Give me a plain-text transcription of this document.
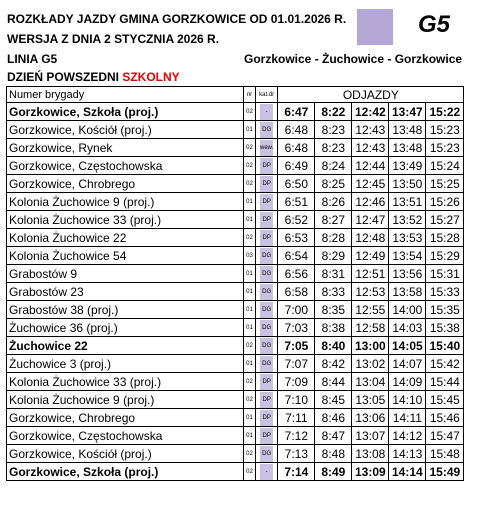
ROZKŁADY JAZDY GMINA GORZKOWICE OD 01.01.2026 R.
WERSJA Z DNIA 2 STYCZNIA 2026 R.
LINIA G5
DZIEŃ POWSZEDNI SZKOLNY
G5
Gorzkowice - Żuchowice - Gorzkowice
Numer brygady	nr	kat.dr	ODJAZDY				
Gorzkowice, Szkoła (proj.)	02	-	6:47	8:22	12:42	13:47	15:22
Gorzkowice, Kościół (proj.)	01	DG	6:48	8:23	12:43	13:48	15:23
Gorzkowice, Rynek	02	wew.	6:48	8:23	12:43	13:48	15:23
Gorzkowice, Częstochowska	02	DP	6:49	8:24	12:44	13:49	15:24
Gorzkowice, Chrobrego	02	DP	6:50	8:25	12:45	13:50	15:25
Kolonia Żuchowice 9 (proj.)	01	DP	6:51	8:26	12:46	13:51	15:26
Kolonia Żuchowice 33 (proj.)	01	DP	6:52	8:27	12:47	13:52	15:27
Kolonia Żuchowice 22	02	DP	6:53	8:28	12:48	13:53	15:28
Kolonia Żuchowice 54	03	DG	6:54	8:29	12:49	13:54	15:29
Grabostów 9	01	DG	6:56	8:31	12:51	13:56	15:31
Grabostów 23	01	DG	6:58	8:33	12:53	13:58	15:33
Grabostów 38 (proj.)	01	DG	7:00	8:35	12:55	14:00	15:35
Żuchowice 36 (proj.)	01	DG	7:03	8:38	12:58	14:03	15:38
Żuchowice 22	02	DG	7:05	8:40	13:00	14:05	15:40
Żuchowice 3 (proj.)	01	DG	7:07	8:42	13:02	14:07	15:42
Kolonia Żuchowice 33 (proj.)	02	DP	7:09	8:44	13:04	14:09	15:44
Kolonia Żuchowice 9 (proj.)	02	DP	7:10	8:45	13:05	14:10	15:45
Gorzkowice, Chrobrego	01	DP	7:11	8:46	13:06	14:11	15:46
Gorzkowice, Częstochowska	01	DP	7:12	8:47	13:07	14:12	15:47
Gorzkowice, Kościół (proj.)	02	DG	7:13	8:48	13:08	14:13	15:48
Gorzkowice, Szkoła (proj.)	02	-	7:14	8:49	13:09	14:14	15:49
